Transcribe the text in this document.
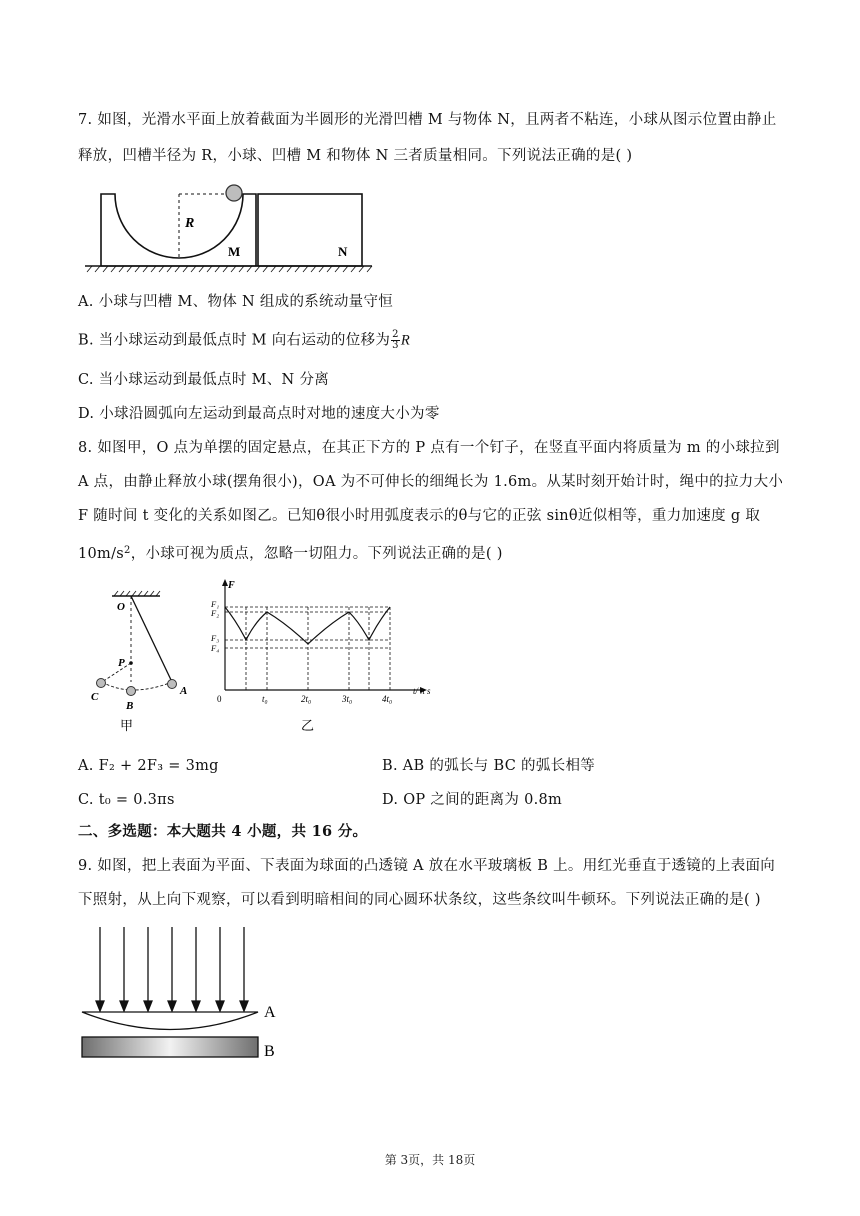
7. 如图，光滑水平面上放着截面为半圆形的光滑凹槽 M 与物体 N，且两者不粘连，小球从图示位置由静止
释放，凹槽半径为 R，小球、凹槽 M 和物体 N 三者质量相同。下列说法正确的是( )
R
M	N
A. 小球与凹槽 M、物体 N 组成的系统动量守恒
B. 当小球运动到最低点时 M 向右运动的位移为 $\frac{2}{3}$ R
C. 当小球运动到最低点时 M、N 分离
D. 小球沿圆弧向左运动到最高点时对地的速度大小为零
8. 如图甲，O 点为单摆的固定悬点，在其正下方的 P 点有一个钉子，在竖直平面内将质量为 m 的小球拉到
A 点，由静止释放小球(摆角很小)，OA 为不可伸长的细绳长为 1.6m。从某时刻开始计时，绳中的拉力大小
F 随时间 t 变化的关系如图乙。已知θ很小时用弧度表示的θ与它的正弦 sinθ近似相等，重力加速度 g 取
$10m/s^2$，小球可视为质点，忽略一切阻力。下列说法正确的是( )
O
P
C
B
A
甲
F
F₁
F₂
F₃
F₄
0	t₀	2t₀	3t₀	4t₀
t/ π s
乙
A. F₂ + 2F₃ = 3mg	B. AB 的弧长与 BC 的弧长相等
C. t₀ = 0.3πs	D. OP 之间的距离为 0.8m
二、多选题：本大题共 4 小题，共 16 分。
9. 如图，把上表面为平面、下表面为球面的凸透镜 A 放在水平玻璃板 B 上。用红光垂直于透镜的上表面向
下照射，从上向下观察，可以看到明暗相间的同心圆环状条纹，这些条纹叫牛顿环。下列说法正确的是( )
A
B
第 3页，共 18页
